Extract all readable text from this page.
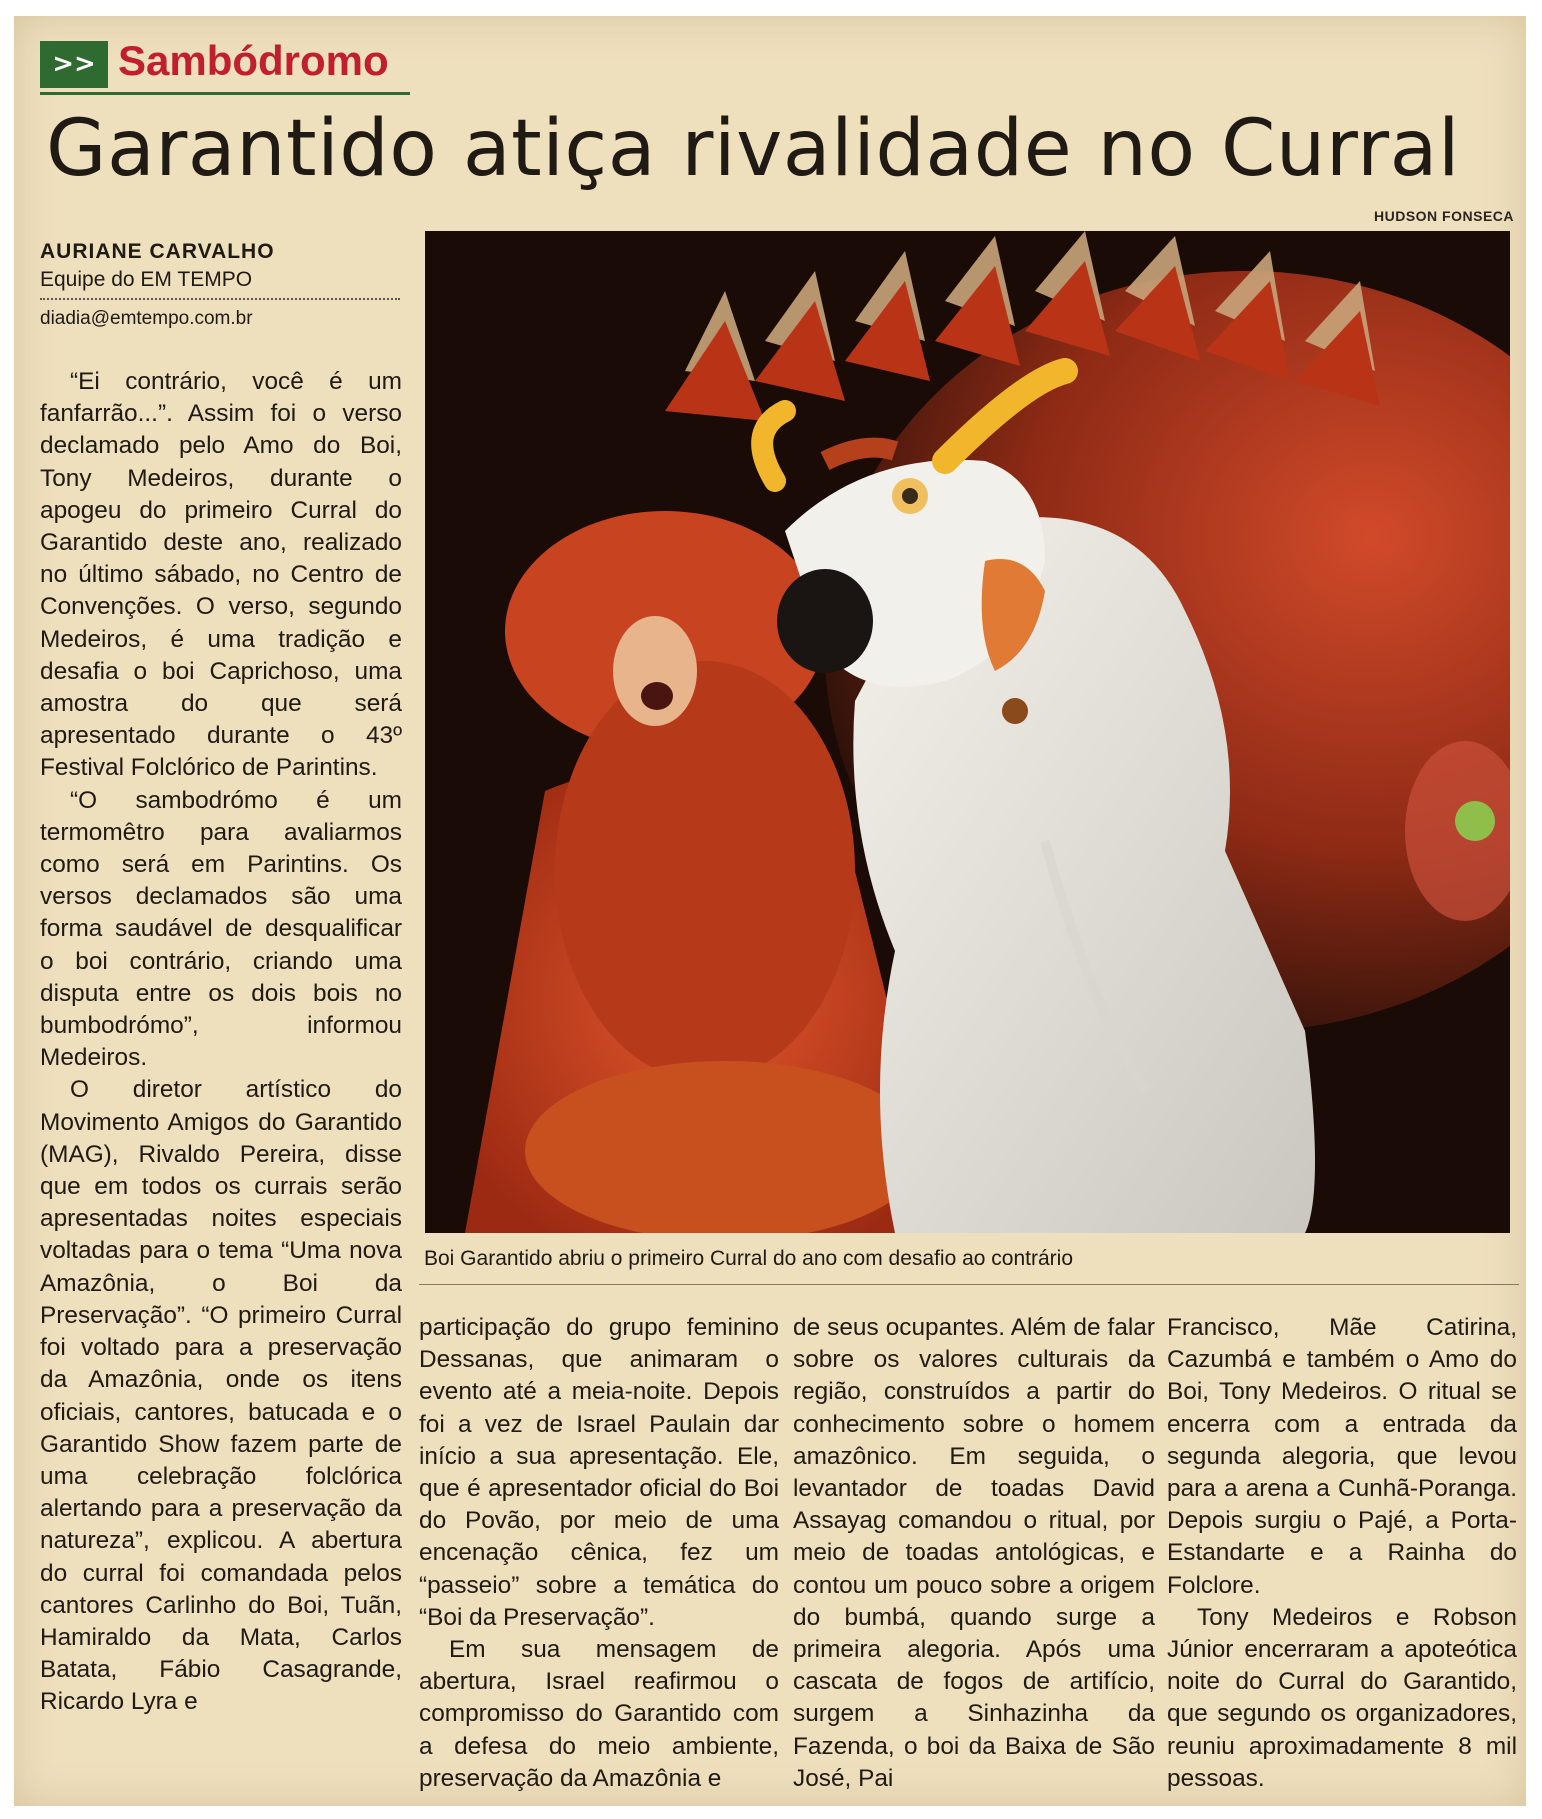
>> Sambódromo
Garantido atiça rivalidade no Curral
HUDSON FONSECA
AURIANE CARVALHO
Equipe do EM TEMPO
diadia@emtempo.com.br

“Ei contrário, você é um fanfarrão...”. Assim foi o verso declamado pelo Amo do Boi, Tony Medeiros, durante o apogeu do primeiro Curral do Garantido deste ano, realizado no último sábado, no Centro de Convenções. O verso, segundo Medeiros, é uma tradição e desafia o boi Caprichoso, uma amostra do que será apresentado durante o 43º Festival Folclórico de Parintins.

“O sambodrómo é um termomêtro para avaliarmos como será em Parintins. Os versos declamados são uma forma saudável de desqualificar o boi contrário, criando uma disputa entre os dois bois no bumbodrómo”, informou Medeiros.

O diretor artístico do Movimento Amigos do Garantido (MAG), Rivaldo Pereira, disse que em todos os currais serão apresentadas noites especiais voltadas para o tema “Uma nova Amazônia, o Boi da Preservação”. “O primeiro Curral foi voltado para a preservação da Amazônia, onde os itens oficiais, cantores, batucada e o Garantido Show fazem parte de uma celebração folclórica alertando para a preservação da natureza”, explicou. A abertura do curral foi comandada pelos cantores Carlinho do Boi, Tuãn, Hamiraldo da Mata, Carlos Batata, Fábio Casagrande, Ricardo Lyra e

Boi Garantido abriu o primeiro Curral do ano com desafio ao contrário

participação do grupo feminino Dessanas, que animaram o evento até a meia-noite. Depois foi a vez de Israel Paulain dar início a sua apresentação. Ele, que é apresentador oficial do Boi do Povão, por meio de uma encenação cênica, fez um “passeio” sobre a temática do “Boi da Preservação”.

Em sua mensagem de abertura, Israel reafirmou o compromisso do Garantido com a defesa do meio ambiente, preservação da Amazônia e

de seus ocupantes. Além de falar sobre os valores culturais da região, construídos a partir do conhecimento sobre o homem amazônico. Em seguida, o levantador de toadas David Assayag comandou o ritual, por meio de toadas antológicas, e contou um pouco sobre a origem do bumbá, quando surge a primeira alegoria. Após uma cascata de fogos de artifício, surgem a Sinhazinha da Fazenda, o boi da Baixa de São José, Pai

Francisco, Mãe Catirina, Cazumbá e também o Amo do Boi, Tony Medeiros. O ritual se encerra com a entrada da segunda alegoria, que levou para a arena a Cunhã-Poranga. Depois surgiu o Pajé, a Porta-Estandarte e a Rainha do Folclore.

Tony Medeiros e Robson Júnior encerraram a apoteótica noite do Curral do Garantido, que segundo os organizadores, reuniu aproximadamente 8 mil pessoas.
